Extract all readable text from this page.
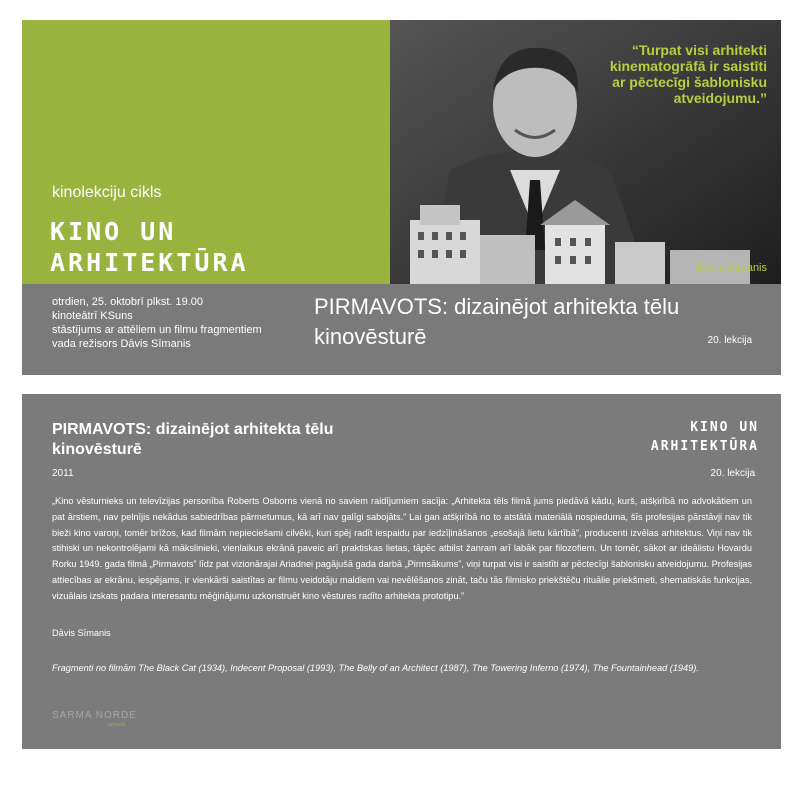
kinolekciju cikls
KINO UN
ARHITEKTŪRA
“Turpat visi arhitekti kinematogrāfā ir saistīti ar pēctecīgi šablonisku atveidojumu.”
Dāvis Sīmanis
otrdien, 25. oktobrī plkst. 19.00
kinoteātrī KSuns
stāstījums ar attēliem un filmu fragmentiem
vada režisors Dāvis Sīmanis
PIRMAVOTS: dizainējot arhitekta tēlu kinovēsturē	20. lekcija
PIRMAVOTS: dizainējot arhitekta tēlu kinovēsturē
2011
KINO UN
ARHITEKTŪRA
20. lekcija
„Kino vēsturnieks un televīzijas personība Roberts Osborns vienā no saviem raidījumiem sacīja: „Arhitekta tēls filmā jums piedāvā kādu, kurš, atšķirībā no advokātiem un pat ārstiem, nav pelnījis nekādus sabiedrības pārmetumus, kā arī nav galīgi sabojāts.” Lai gan atšķirībā no to atstātā materiālā nospieduma, šīs profesijas pārstāvji nav tik bieži kino varoņi, tomēr brīžos, kad filmām nepieciešami cilvēki, kuri spēj radīt iespaidu par iedzīļināšanos „esošajā lietu kārtībā”, producenti izvēlas arhitektus. Viņi nav tik stihiski un nekontrolējami kā mākslinieki, vienlaikus ekrānā paveic arī praktiskas lietas, tāpēc atbilst žanram arī labāk par filozofiem. Un tomēr, sākot ar ideālistu Hovardu Rorku 1949. gada filmā „Pirmavots” līdz pat vizionārajai Ariadnei pagājušā gada darbā „Pirmsākums”, viņi turpat visi ir saistīti ar pēctecīgi šablonisku atveidojumu. Profesijas attiecības ar ekrānu, iespējams, ir vienkārši saistītas ar filmu veidotāju maldiem vai nevēlēšanos zināt, taču tās filmisko priekštēču rituālie priekšmeti, shematiskās funkcijas, vizuālais izskats padara interesantu mēģinājumu uzkonstruēt kino vēstures radīto arhitekta prototipu.”
Dāvis Sīmanis
Fragmenti no filmām The Black Cat (1934), Indecent Proposal (1993), The Belly of an Architect (1987), The Towering Inferno (1974), The Fountainhead (1949).
SARMA NORDE
arhitekti
